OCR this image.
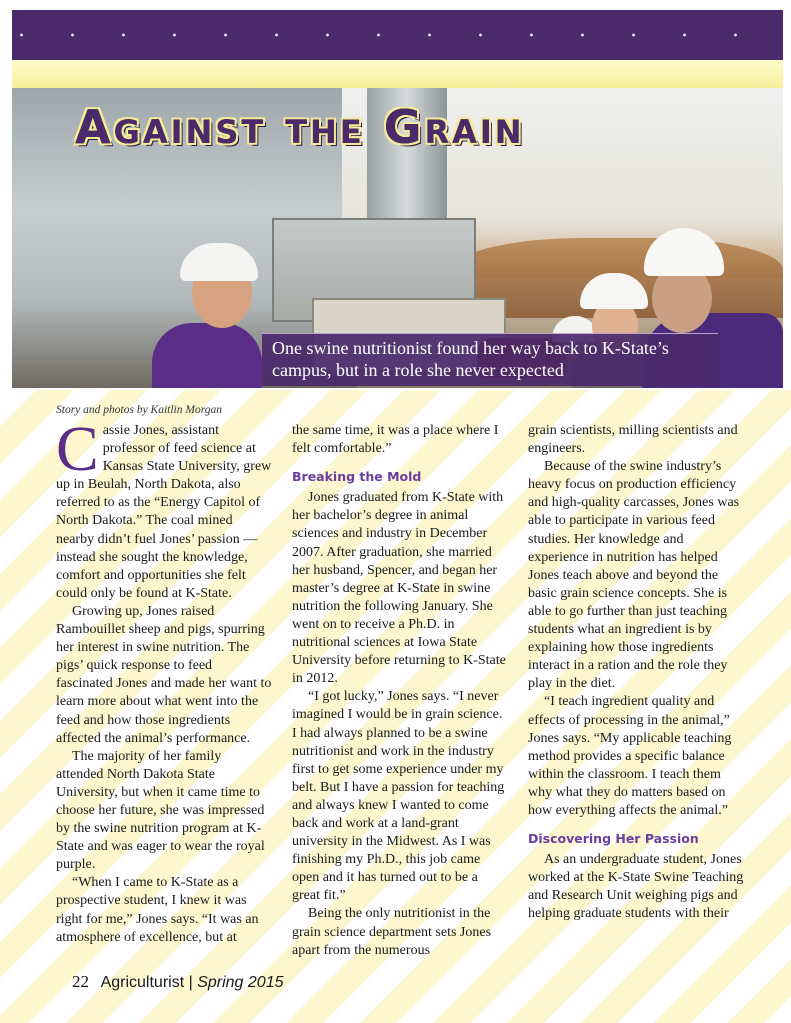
Against the Grain
One swine nutritionist found her way back to K-State’s campus, but in a role she never expected
Story and photos by Kaitlin Morgan

Cassie Jones, assistant professor of feed science at Kansas State University, grew up in Beulah, North Dakota, also referred to as the “Energy Capitol of North Dakota.” The coal mined nearby didn’t fuel Jones’ passion — instead she sought the knowledge, comfort and opportunities she felt could only be found at K-State.

Growing up, Jones raised Rambouillet sheep and pigs, spurring her interest in swine nutrition. The pigs’ quick response to feed fascinated Jones and made her want to learn more about what went into the feed and how those ingredients affected the animal’s performance.

The majority of her family attended North Dakota State University, but when it came time to choose her future, she was impressed by the swine nutrition program at K-State and was eager to wear the royal purple.

“When I came to K-State as a prospective student, I knew it was right for me,” Jones says. “It was an atmosphere of excellence, but at

the same time, it was a place where I felt comfortable.”

Breaking the Mold

Jones graduated from K-State with her bachelor’s degree in animal sciences and industry in December 2007. After graduation, she married her husband, Spencer, and began her master’s degree at K-State in swine nutrition the following January. She went on to receive a Ph.D. in nutritional sciences at Iowa State University before returning to K-State in 2012.

“I got lucky,” Jones says. “I never imagined I would be in grain science. I had always planned to be a swine nutritionist and work in the industry first to get some experience under my belt. But I have a passion for teaching and always knew I wanted to come back and work at a land-grant university in the Midwest. As I was finishing my Ph.D., this job came open and it has turned out to be a great fit.”

Being the only nutritionist in the grain science department sets Jones apart from the numerous

grain scientists, milling scientists and engineers.

Because of the swine industry’s heavy focus on production efficiency and high-quality carcasses, Jones was able to participate in various feed studies. Her knowledge and experience in nutrition has helped Jones teach above and beyond the basic grain science concepts. She is able to go further than just teaching students what an ingredient is by explaining how those ingredients interact in a ration and the role they play in the diet.

“I teach ingredient quality and effects of processing in the animal,” Jones says. “My applicable teaching method provides a specific balance within the classroom. I teach them why what they do matters based on how everything affects the animal.”

Discovering Her Passion

As an undergraduate student, Jones worked at the K-State Swine Teaching and Research Unit weighing pigs and helping graduate students with their

22 Agriculturist | Spring 2015
